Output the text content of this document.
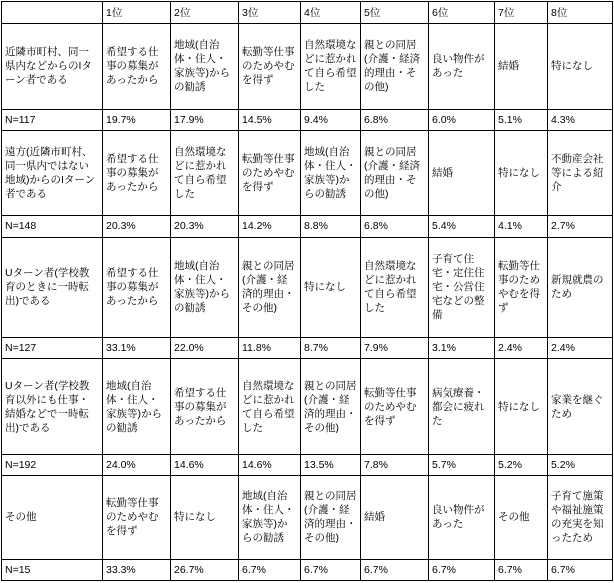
	1位	2位	3位	4位	5位	6位	7位	8位
近隣市町村、同一県内などからのIターン者である	希望する仕事の募集があったから	地域(自治体・住人・家族等)からの勧誘	転勤等仕事のためやむを得ず	自然環境などに惹かれて自ら希望した	親との同居(介護・経済的理由・その他)	良い物件があった	結婚	特になし
N=117	19.7%	17.9%	14.5%	9.4%	6.8%	6.0%	5.1%	4.3%
遠方(近隣市町村、同一県内ではない地域)からのIターン者である	希望する仕事の募集があったから	自然環境などに惹かれて自ら希望した	転勤等仕事のためやむを得ず	地域(自治体・住人・家族等)からの勧誘	親との同居(介護・経済的理由・その他)	結婚	特になし	不動産会社等による紹介
N=148	20.3%	20.3%	14.2%	8.8%	6.8%	5.4%	4.1%	2.7%
Uターン者(学校教育のときに一時転出)である	希望する仕事の募集があったから	地域(自治体・住人・家族等)からの勧誘	親との同居(介護・経済的理由・その他)	特になし	自然環境などに惹かれて自ら希望した	子育て住宅・定住住宅・公営住宅などの整備	転勤等仕事のためやむを得ず	新規就農のため
N=127	33.1%	22.0%	11.8%	8.7%	7.9%	3.1%	2.4%	2.4%
Uターン者(学校教育以外にも仕事・結婚などで一時転出)である	地域(自治体・住人・家族等)からの勧誘	希望する仕事の募集があったから	自然環境などに惹かれて自ら希望した	親との同居(介護・経済的理由・その他)	転勤等仕事のためやむを得ず	病気療養・都会に疲れた	特になし	家業を継ぐため
N=192	24.0%	14.6%	14.6%	13.5%	7.8%	5.7%	5.2%	5.2%
その他	転勤等仕事のためやむを得ず	特になし	地域(自治体・住人・家族等)からの勧誘	親との同居(介護・経済的理由・その他)	結婚	良い物件があった	その他	子育て施策や福祉施策の充実を知ったため
N=15	33.3%	26.7%	6.7%	6.7%	6.7%	6.7%	6.7%	6.7%
